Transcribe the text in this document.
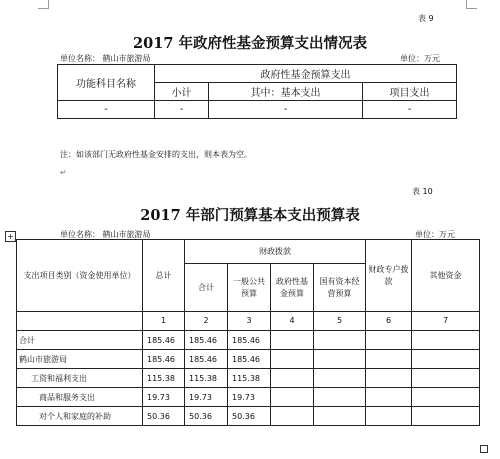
表 9
2017 年政府性基金预算支出情况表
单位名称： 鹤山市旅游局	单位：万元
功能科目名称	政府性基金预算支出		
	小计	其中：基本支出	项目支出
-	-	-	-
注：如该部门无政府性基金安排的支出，则本表为空。
↵
表 10
2017 年部门预算基本支出预算表
+	单位名称： 鹤山市旅游局	单位：万元
支出项目类别（资金使用单位）	总计	财政拨款				财政专户拨款	其他资金
		合计	一般公共预算	政府性基金预算	国有资本经营预算		
	1	2	3	4	5	6	7
合计	185.46	185.46	185.46				
鹤山市旅游局	185.46	185.46	185.46				
工资和福利支出	115.38	115.38	115.38				
商品和服务支出	19.73	19.73	19.73				
对个人和家庭的补助	50.36	50.36	50.36				
